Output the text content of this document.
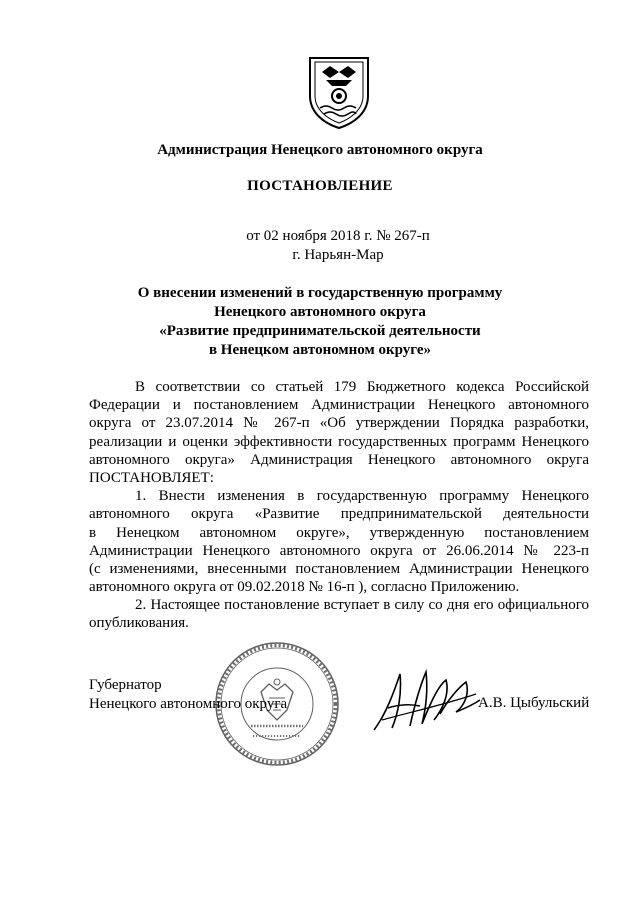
Администрация Ненецкого автономного округа
ПОСТАНОВЛЕНИЕ
от 02 ноября 2018 г. № 267-п
г. Нарьян-Мар
О внесении изменений в государственную программу
Ненецкого автономного округа
«Развитие предпринимательской деятельности
в Ненецком автономном округе»
В соответствии со статьей 179 Бюджетного кодекса Российской
Федерации и постановлением Администрации Ненецкого автономного
округа от 23.07.2014 № 267-п «Об утверждении Порядка разработки,
реализации и оценки эффективности государственных программ Ненецкого
автономного округа» Администрация Ненецкого автономного округа
ПОСТАНОВЛЯЕТ:
1. Внести изменения в государственную программу Ненецкого
автономного округа «Развитие предпринимательской деятельности
в Ненецком автономном округе», утвержденную постановлением
Администрации Ненецкого автономного округа от 26.06.2014 № 223-п
(с изменениями, внесенными постановлением Администрации Ненецкого
автономного округа от 09.02.2018 № 16-п ), согласно Приложению.
2. Настоящее постановление вступает в силу со дня его официального
опубликования.
Губернатор
Ненецкого автономного округа	А.В. Цыбульский
